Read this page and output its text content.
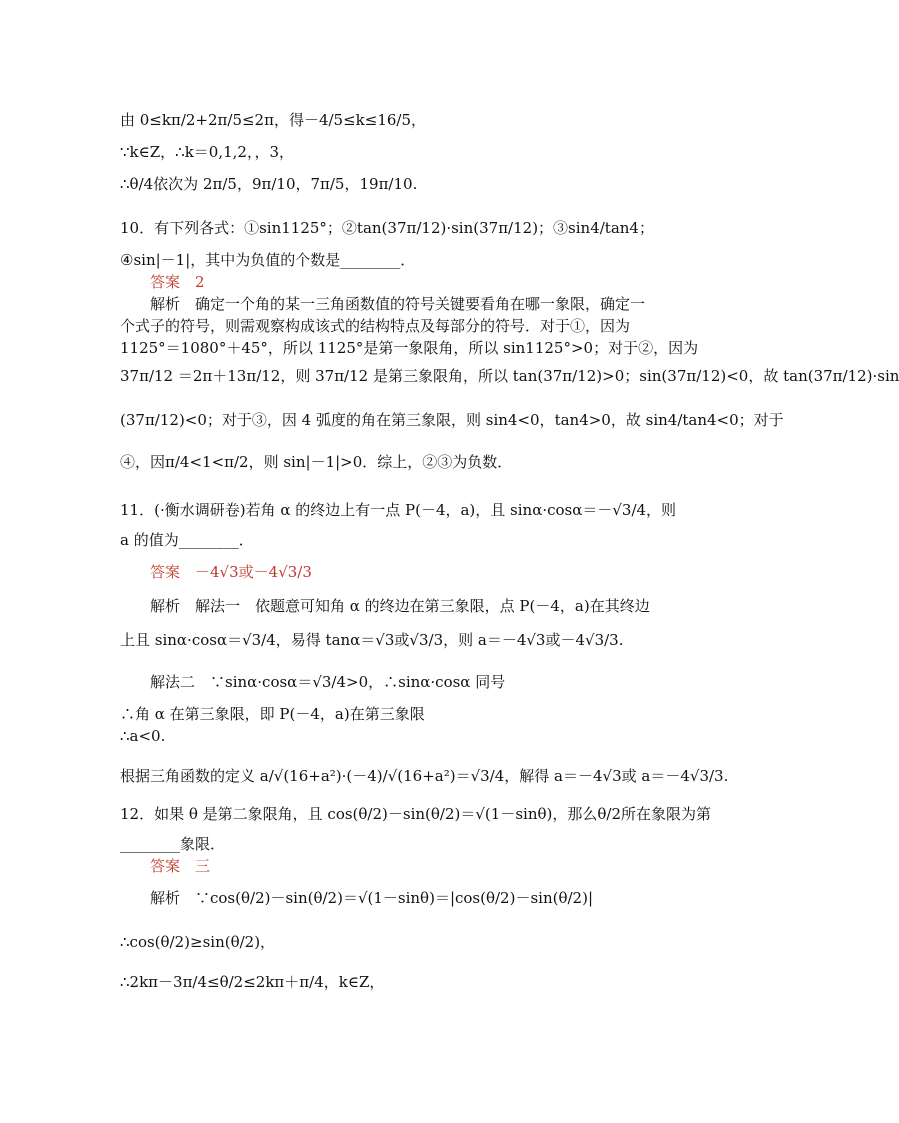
由 0≤kπ/2+2π/5≤2π，得－4/5≤k≤16/5，
∵k∈Z，∴k＝0,1,2，，3，
∴θ/4依次为 2π/5，9π/10，7π/5，19π/10.
10．有下列各式：①sin1125°；②tan(37π/12)·sin(37π/12)；③sin4/tan4；
④sin|－1|，其中为负值的个数是________．
答案　2
解析　确定一个角的某一三角函数值的符号关键要看角在哪一象限，确定一
个式子的符号，则需观察构成该式的结构特点及每部分的符号．对于①，因为
1125°＝1080°＋45°，所以 1125°是第一象限角，所以 sin1125°>0；对于②，因为
37π/12 ＝2π＋13π/12，则 37π/12 是第三象限角，所以 tan(37π/12)>0；sin(37π/12)<0，故 tan(37π/12)·sin
(37π/12)<0；对于③，因 4 弧度的角在第三象限，则 sin4<0，tan4>0，故 sin4/tan4<0；对于
④，因π/4<1<π/2，则 sin|－1|>0．综上，②③为负数．
11．(·衡水调研卷)若角 α 的终边上有一点 P(－4，a)，且 sinα·cosα＝－√3/4，则
a 的值为________．
答案　－4√3或－4√3/3
解析　解法一　依题意可知角 α 的终边在第三象限，点 P(－4，a)在其终边
上且 sinα·cosα＝√3/4，易得 tanα＝√3或√3/3，则 a＝－4√3或－4√3/3.
解法二　∵sinα·cosα＝√3/4>0，∴sinα·cosα 同号
∴角 α 在第三象限，即 P(－4，a)在第三象限
∴a<0.
根据三角函数的定义 a/√(16+a²)·(－4)/√(16+a²)＝√3/4，解得 a＝－4√3或 a＝－4√3/3.
12．如果 θ 是第二象限角，且 cos(θ/2)－sin(θ/2)＝√(1－sinθ)，那么θ/2所在象限为第
________象限．
答案　三
解析　∵cos(θ/2)－sin(θ/2)＝√(1－sinθ)＝|cos(θ/2)－sin(θ/2)|
∴cos(θ/2)≥sin(θ/2)，
∴2kπ－3π/4≤θ/2≤2kπ＋π/4，k∈Z，
